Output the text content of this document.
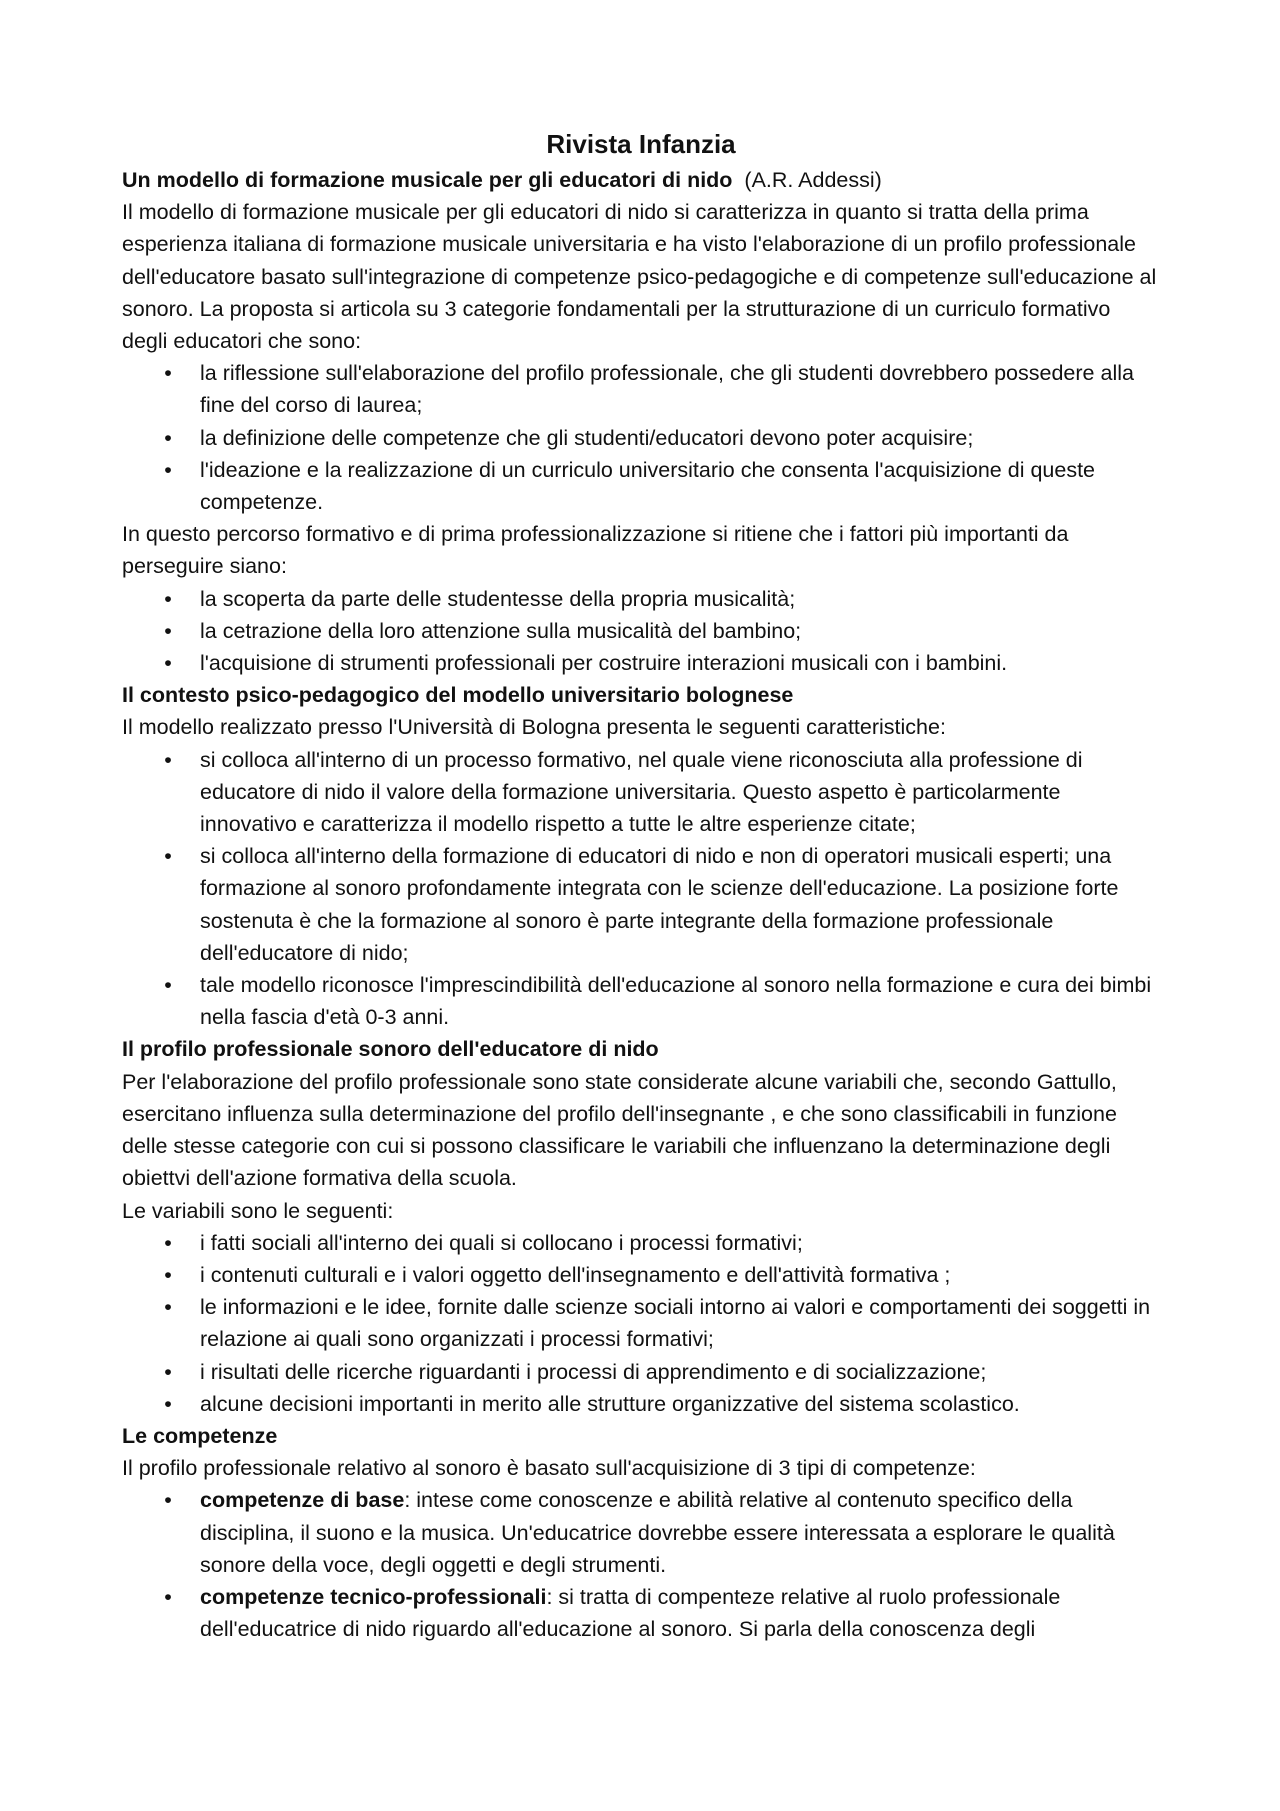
Rivista Infanzia

Un modello di formazione musicale per gli educatori di nido (A.R. Addessi)

Il modello di formazione musicale per gli educatori di nido si caratterizza in quanto si tratta della prima esperienza italiana di formazione musicale universitaria e ha visto l'elaborazione di un profilo professionale dell'educatore basato sull'integrazione di competenze psico-pedagogiche e di competenze sull'educazione al sonoro. La proposta si articola su 3 categorie fondamentali per la strutturazione di un curriculo formativo degli educatori che sono:

• la riflessione sull'elaborazione del profilo professionale, che gli studenti dovrebbero possedere alla fine del corso di laurea;
• la definizione delle competenze che gli studenti/educatori devono poter acquisire;
• l'ideazione e la realizzazione di un curriculo universitario che consenta l'acquisizione di queste competenze.

In questo percorso formativo e di prima professionalizzazione si ritiene che i fattori più importanti da perseguire siano:

• la scoperta da parte delle studentesse della propria musicalità;
• la cetrazione della loro attenzione sulla musicalità del bambino;
• l'acquisione di strumenti professionali per costruire interazioni musicali con i bambini.

Il contesto psico-pedagogico del modello universitario bolognese

Il modello realizzato presso l'Università di Bologna presenta le seguenti caratteristiche:

• si colloca all'interno di un processo formativo, nel quale viene riconosciuta alla professione di educatore di nido il valore della formazione universitaria. Questo aspetto è particolarmente innovativo e caratterizza il modello rispetto a tutte le altre esperienze citate;
• si colloca all'interno della formazione di educatori di nido e non di operatori musicali esperti; una formazione al sonoro profondamente integrata con le scienze dell'educazione. La posizione forte sostenuta è che la formazione al sonoro è parte integrante della formazione professionale dell'educatore di nido;
• tale modello riconosce l'imprescindibilità dell'educazione al sonoro nella formazione e cura dei bimbi nella fascia d'età 0-3 anni.

Il profilo professionale sonoro dell'educatore di nido

Per l'elaborazione del profilo professionale sono state considerate alcune variabili che, secondo Gattullo, esercitano influenza sulla determinazione del profilo dell'insegnante , e che sono classificabili in funzione delle stesse categorie con cui si possono classificare le variabili che influenzano la determinazione degli obiettvi dell'azione formativa della scuola.

Le variabili sono le seguenti:

• i fatti sociali all'interno dei quali si collocano i processi formativi;
• i contenuti culturali e i valori oggetto dell'insegnamento e dell'attività formativa ;
• le informazioni e le idee, fornite dalle scienze sociali intorno ai valori e comportamenti dei soggetti in relazione ai quali sono organizzati i processi formativi;
• i risultati delle ricerche riguardanti i processi di apprendimento e di socializzazione;
• alcune decisioni importanti in merito alle strutture organizzative del sistema scolastico.

Le competenze

Il profilo professionale relativo al sonoro è basato sull'acquisizione di 3 tipi di competenze:

• competenze di base: intese come conoscenze e abilità relative al contenuto specifico della disciplina, il suono e la musica. Un'educatrice dovrebbe essere interessata a esplorare le qualità sonore della voce, degli oggetti e degli strumenti.
• competenze tecnico-professionali: si tratta di compenteze relative al ruolo professionale dell'educatrice di nido riguardo all'educazione al sonoro. Si parla della conoscenza degli
